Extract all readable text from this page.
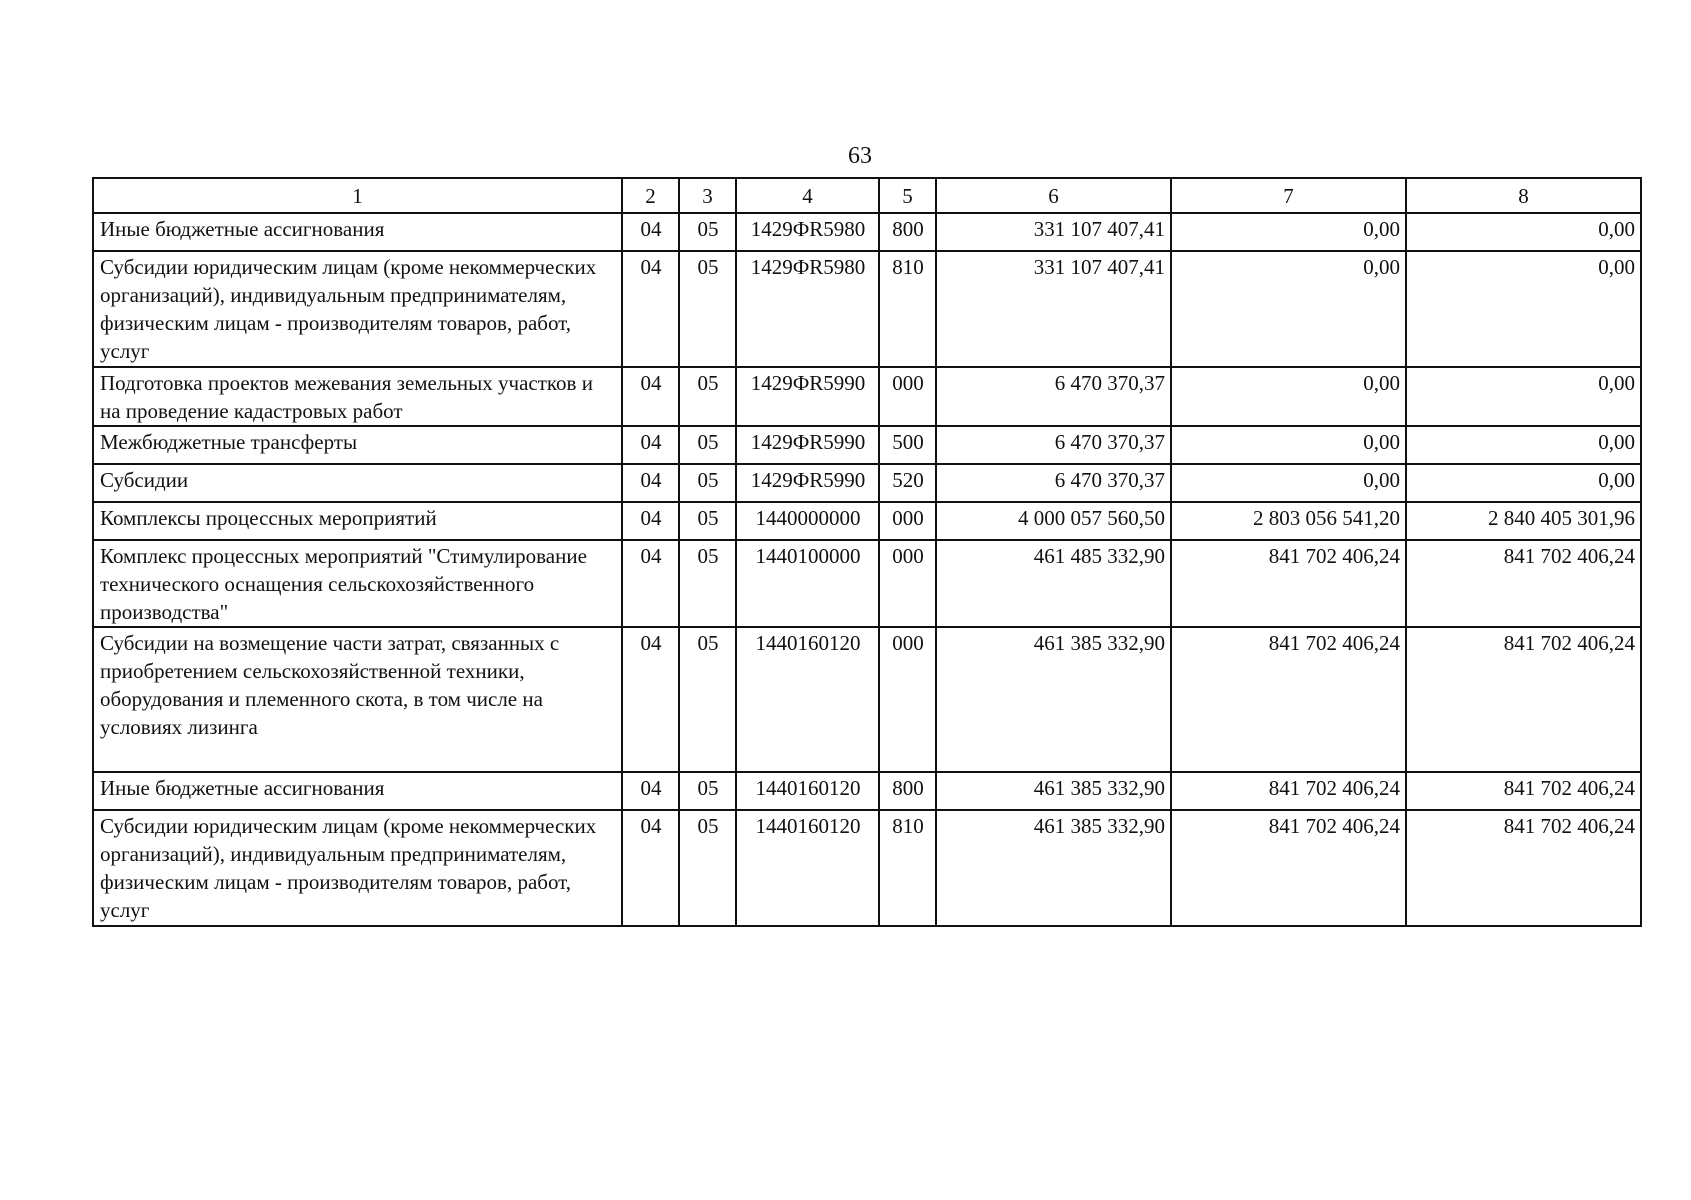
63
1	2	3	4	5	6	7	8
Иные бюджетные ассигнования	04	05	1429ФR5980	800	331 107 407,41	0,00	0,00
Субсидии юридическим лицам (кроме некоммерческих организаций), индивидуальным предпринимателям, физическим лицам - производителям товаров, работ, услуг	04	05	1429ФR5980	810	331 107 407,41	0,00	0,00
Подготовка проектов межевания земельных участков и на проведение кадастровых работ	04	05	1429ФR5990	000	6 470 370,37	0,00	0,00
Межбюджетные трансферты	04	05	1429ФR5990	500	6 470 370,37	0,00	0,00
Субсидии	04	05	1429ФR5990	520	6 470 370,37	0,00	0,00
Комплексы процессных мероприятий	04	05	1440000000	000	4 000 057 560,50	2 803 056 541,20	2 840 405 301,96
Комплекс процессных мероприятий "Стимулирование технического оснащения сельскохозяйственного производства"	04	05	1440100000	000	461 485 332,90	841 702 406,24	841 702 406,24
Субсидии на возмещение части затрат, связанных с приобретением сельскохозяйственной техники, оборудования и племенного скота, в том числе на условиях лизинга	04	05	1440160120	000	461 385 332,90	841 702 406,24	841 702 406,24
Иные бюджетные ассигнования	04	05	1440160120	800	461 385 332,90	841 702 406,24	841 702 406,24
Субсидии юридическим лицам (кроме некоммерческих организаций), индивидуальным предпринимателям, физическим лицам - производителям товаров, работ, услуг	04	05	1440160120	810	461 385 332,90	841 702 406,24	841 702 406,24
